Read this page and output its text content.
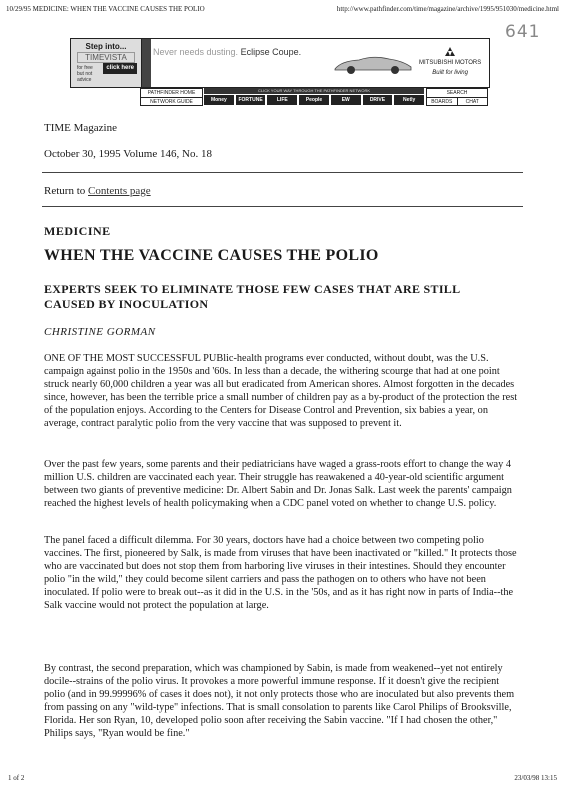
10/29/95 MEDICINE: WHEN THE VACCINE CAUSES THE POLIO	http://www.pathfinder.com/time/magazine/archive/1995/951030/medicine.html
641
Step into...
TIMEVISTA
for free
but not
advice
click here
Never needs dusting. Eclipse Coupe.
MITSUBISHI MOTORS
Built for living
PATHFINDER HOME
NETWORK GUIDE
CLICK YOUR WAY THROUGH THE PATHFINDER NETWORK
Money	FORTUNE	LIFE	People	EW	DRIVE	Netly
SEARCH
BOARDS	CHAT
TIME Magazine
October 30, 1995 Volume 146, No. 18
Return to Contents page
MEDICINE
WHEN THE VACCINE CAUSES THE POLIO
EXPERTS SEEK TO ELIMINATE THOSE FEW CASES THAT ARE STILL CAUSED BY INOCULATION
CHRISTINE GORMAN

ONE OF THE MOST SUCCESSFUL PUBlic-health programs ever conducted, without doubt, was the U.S. campaign against polio in the 1950s and '60s. In less than a decade, the withering scourge that had at one point struck nearly 60,000 children a year was all but eradicated from American shores. Almost forgotten in the decades since, however, has been the terrible price a small number of children pay as a by-product of the protection the rest of the population enjoys. According to the Centers for Disease Control and Prevention, six babies a year, on average, contract paralytic polio from the very vaccine that was supposed to prevent it.

Over the past few years, some parents and their pediatricians have waged a grass-roots effort to change the way 4 million U.S. children are vaccinated each year. Their struggle has reawakened a 40-year-old scientific argument between two giants of preventive medicine: Dr. Albert Sabin and Dr. Jonas Salk. Last week the parents' campaign reached the highest levels of health policymaking when a CDC panel voted on whether to change U.S. policy.

The panel faced a difficult dilemma. For 30 years, doctors have had a choice between two competing polio vaccines. The first, pioneered by Salk, is made from viruses that have been inactivated or "killed." It protects those who are vaccinated but does not stop them from harboring live viruses in their intestines. Should they encounter polio "in the wild," they could become silent carriers and pass the pathogen on to others who have not been inoculated. If polio were to break out--as it did in the U.S. in the '50s, and as it has right now in parts of India--the Salk vaccine would not protect the population at large.

By contrast, the second preparation, which was championed by Sabin, is made from weakened--yet not entirely docile--strains of the polio virus. It provokes a more powerful immune response. If it doesn't give the recipient polio (and in 99.99996% of cases it does not), it not only protects those who are inoculated but also prevents them from passing on any "wild-type" infections. That is small consolation to parents like Carol Philips of Brooksville, Florida. Her son Ryan, 10, developed polio soon after receiving the Sabin vaccine. "If I had chosen the other," Philips says, "Ryan would be fine."

1 of 2	23/03/98 13:15
